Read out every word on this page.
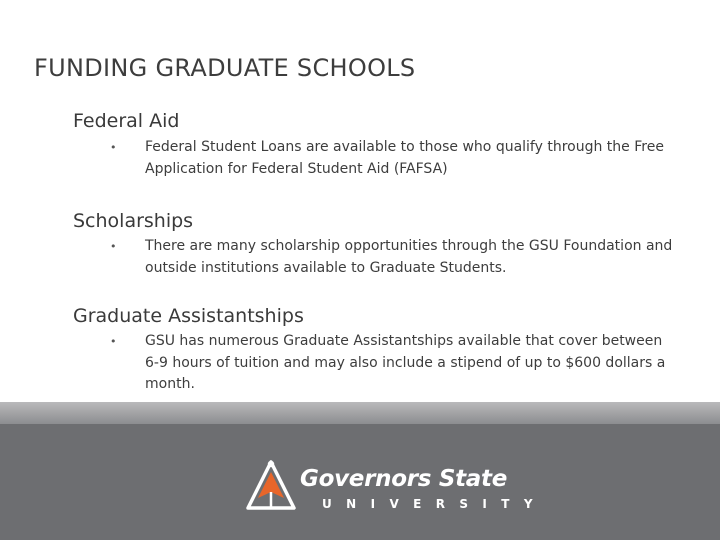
FUNDING GRADUATE SCHOOLS
Federal Aid
• Federal Student Loans are available to those who qualify through the Free Application for Federal Student Aid (FAFSA)
Scholarships
• There are many scholarship opportunities through the GSU Foundation and outside institutions available to Graduate Students.
Graduate Assistantships
• GSU has numerous Graduate Assistantships available that cover between 6-9 hours of tuition and may also include a stipend of up to $600 dollars a month.
Governors State
UNIVERSITY
